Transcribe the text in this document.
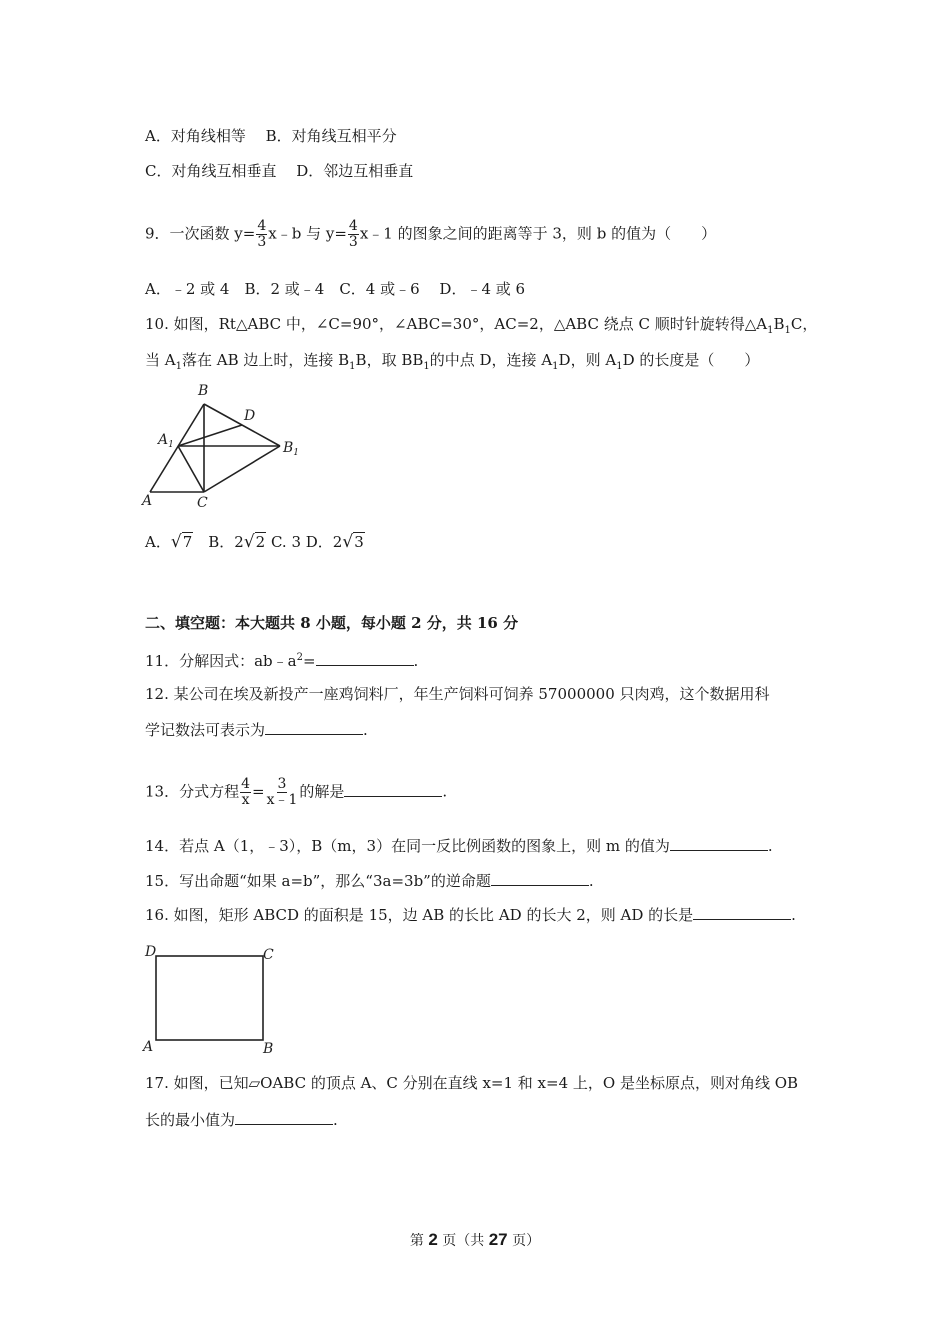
A．对角线相等　 B．对角线互相平分
C．对角线互相垂直　 D．邻边互相垂直
9．一次函数 $y= \frac{4}{3}$ x﹣b 与 $y= \frac{4}{3}$ x﹣1 的图象之间的距离等于 3，则 b 的值为（　　）
A．﹣2 或 4　B．2 或﹣4　C．4 或﹣6　 D．﹣4 或 6
10. 如图，Rt△ABC 中，∠C=90°，∠ABC=30°，AC=2，△ABC 绕点 C 顺时针旋转得$\triangle A_1B_1C$，
当 $A_1$落在 AB 边上时，连接 $B_1B$，取 $BB_1$的中点 D，连接 $A_1D$，则 $A_1D$ 的长度是（　　）
B
D
$A_1$	$B_1$
A	C
A．√7　B．2√2 C. 3 D．2√3
二、填空题：本大题共 8 小题，每小题 2 分，共 16 分
11．分解因式：$ab﹣a^2=$	.
12. 某公司在埃及新投产一座鸡饲料厂，年生产饲料可饲养 57000000 只肉鸡，这个数据用科
学记数法可表示为	.
13．分式方程 $\frac{4}{x} = \frac{3}{x﹣1}$ 的解是	.
14．若点 A（1，﹣3），B（m，3）在同一反比例函数的图象上，则 m 的值为	.
15．写出命题“如果 a=b”，那么“3a=3b”的逆命题	.
16. 如图，矩形 ABCD 的面积是 15，边 AB 的长比 AD 的长大 2，则 AD 的长是	.
D	C
A	B
17. 如图，已知▱OABC 的顶点 A、C 分别在直线 x=1 和 x=4 上，O 是坐标原点，则对角线 OB
长的最小值为	.
第 2 页（共 27 页）
